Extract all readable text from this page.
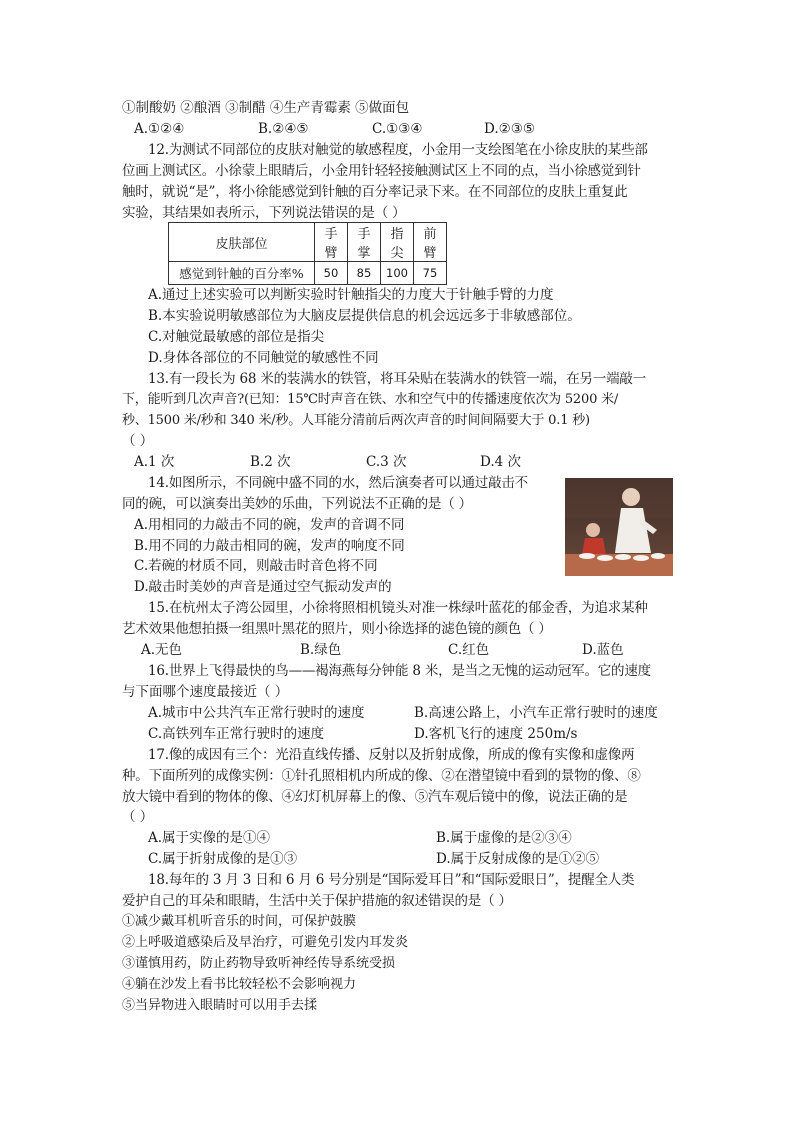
①制酸奶 ②酿酒 ③制醋 ④生产青霉素 ⑤做面包
A.①②④	B.②④⑤	C.①③④	D.②③⑤
12.为测试不同部位的皮肤对触觉的敏感程度，小金用一支绘图笔在小徐皮肤的某些部
位画上测试区。小徐蒙上眼睛后，小金用针轻轻接触测试区上不同的点，当小徐感觉到针
触时，就说“是”，将小徐能感觉到针触的百分率记录下来。在不同部位的皮肤上重复此
实验，其结果如表所示，下列说法错误的是（ ）
皮肤部位	手臂	手掌	指尖	前臂
感觉到针触的百分率%	50	85	100	75
A.通过上述实验可以判断实验时针触指尖的力度大于针触手臂的力度
B.本实验说明敏感部位为大脑皮层提供信息的机会远远多于非敏感部位。
C.对触觉最敏感的部位是指尖
D.身体各部位的不同触觉的敏感性不同
13.有一段长为 68 米的装满水的铁管，将耳朵贴在装满水的铁管一端，在另一端敲一
下，能听到几次声音?(已知：15℃时声音在铁、水和空气中的传播速度依次为 5200 米/
秒、1500 米/秒和 340 米/秒。人耳能分清前后两次声音的时间间隔要大于 0.1 秒)
（ ）
A.1 次	B.2 次	C.3 次	D.4 次
14.如图所示，不同碗中盛不同的水，然后演奏者可以通过敲击不
同的碗，可以演奏出美妙的乐曲，下列说法不正确的是（ ）
A.用相同的力敲击不同的碗，发声的音调不同
B.用不同的力敲击相同的碗，发声的响度不同
C.若碗的材质不同，则敲击时音色将不同
D.敲击时美妙的声音是通过空气振动发声的
15.在杭州太子湾公园里，小徐将照相机镜头对准一株绿叶蓝花的郁金香，为追求某种
艺术效果他想拍摄一组黑叶黑花的照片，则小徐选择的滤色镜的颜色（ ）
A.无色	B.绿色	C.红色	D.蓝色
16.世界上飞得最快的鸟——褐海燕每分钟能 8 米，是当之无愧的运动冠军。它的速度
与下面哪个速度最接近（ ）
A.城市中公共汽车正常行驶时的速度	B.高速公路上，小汽车正常行驶时的速度
C.高铁列车正常行驶时的速度	D.客机飞行的速度 250m/s
17.像的成因有三个：光沿直线传播、反射以及折射成像，所成的像有实像和虚像两
种。下面所列的成像实例：①针孔照相机内所成的像、②在潜望镜中看到的景物的像、⑧
放大镜中看到的物体的像、④幻灯机屏幕上的像、⑤汽车观后镜中的像，说法正确的是
（ ）
A.属于实像的是①④	B.属于虚像的是②③④
C.属于折射成像的是①③	D.属于反射成像的是①②⑤
18.每年的 3 月 3 日和 6 月 6 号分别是“国际爱耳日”和“国际爱眼日”，提醒全人类
爱护自己的耳朵和眼睛，生活中关于保护措施的叙述错误的是（ ）
①减少戴耳机听音乐的时间，可保护鼓膜
②上呼吸道感染后及早治疗，可避免引发内耳发炎
③谨慎用药，防止药物导致听神经传导系统受损
④躺在沙发上看书比较轻松不会影响视力
⑤当异物进入眼睛时可以用手去揉
